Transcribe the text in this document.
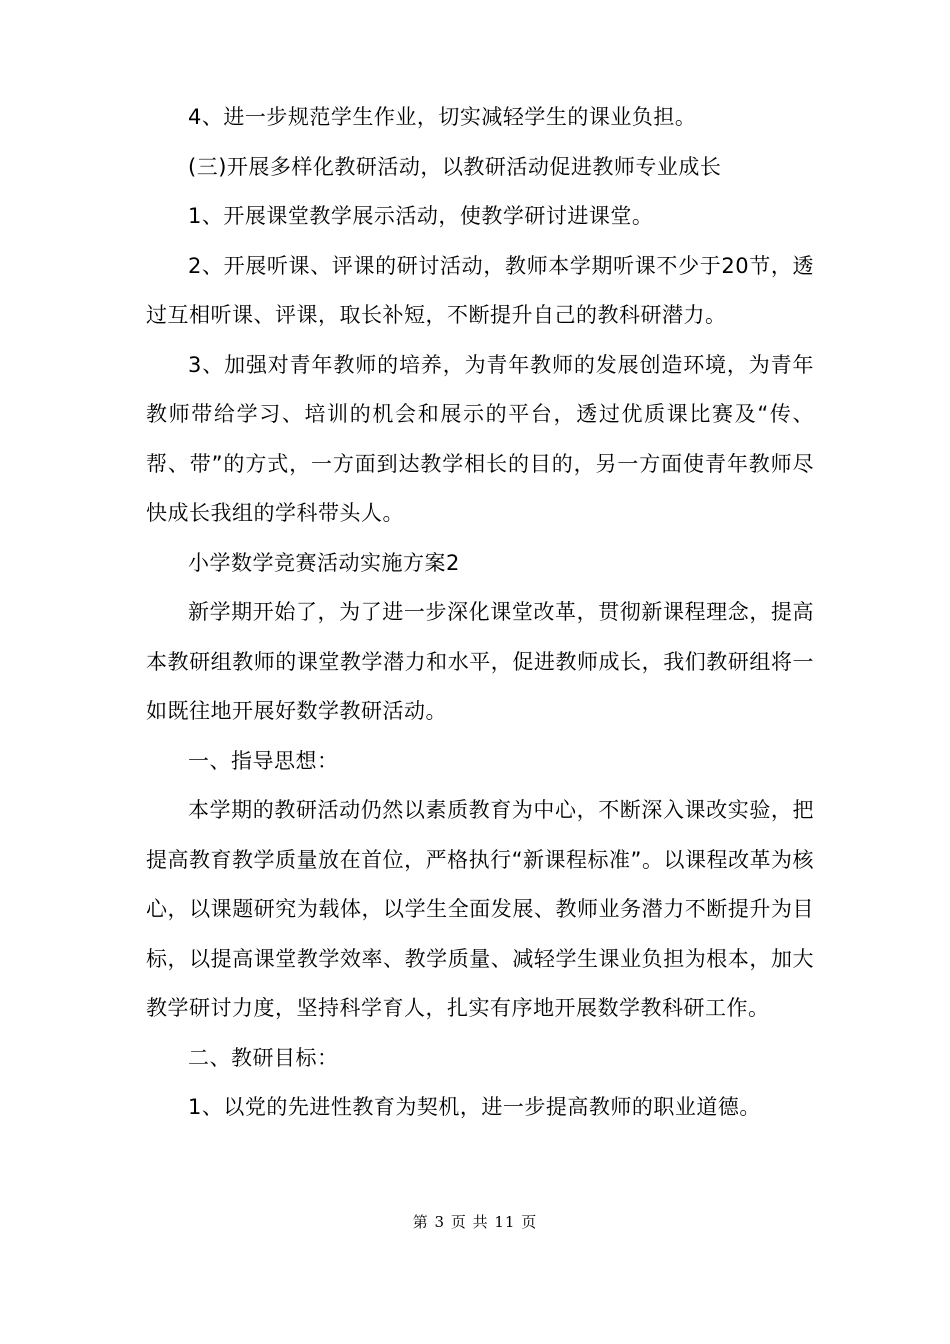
4、进一步规范学生作业，切实减轻学生的课业负担。

(三)开展多样化教研活动，以教研活动促进教师专业成长

1、开展课堂教学展示活动，使教学研讨进课堂。

2、开展听课、评课的研讨活动，教师本学期听课不少于20节，透过互相听课、评课，取长补短，不断提升自己的教科研潜力。

3、加强对青年教师的培养，为青年教师的发展创造环境，为青年教师带给学习、培训的机会和展示的平台，透过优质课比赛及“传、帮、带”的方式，一方面到达教学相长的目的，另一方面使青年教师尽快成长我组的学科带头人。

小学数学竞赛活动实施方案2

新学期开始了，为了进一步深化课堂改革，贯彻新课程理念，提高本教研组教师的课堂教学潜力和水平，促进教师成长，我们教研组将一如既往地开展好数学教研活动。

一、指导思想：

本学期的教研活动仍然以素质教育为中心，不断深入课改实验，把提高教育教学质量放在首位，严格执行“新课程标准”。以课程改革为核心，以课题研究为载体，以学生全面发展、教师业务潜力不断提升为目标，以提高课堂教学效率、教学质量、减轻学生课业负担为根本，加大教学研讨力度，坚持科学育人，扎实有序地开展数学教科研工作。

二、教研目标：

1、以党的先进性教育为契机，进一步提高教师的职业道德。

第 3 页 共 11 页
